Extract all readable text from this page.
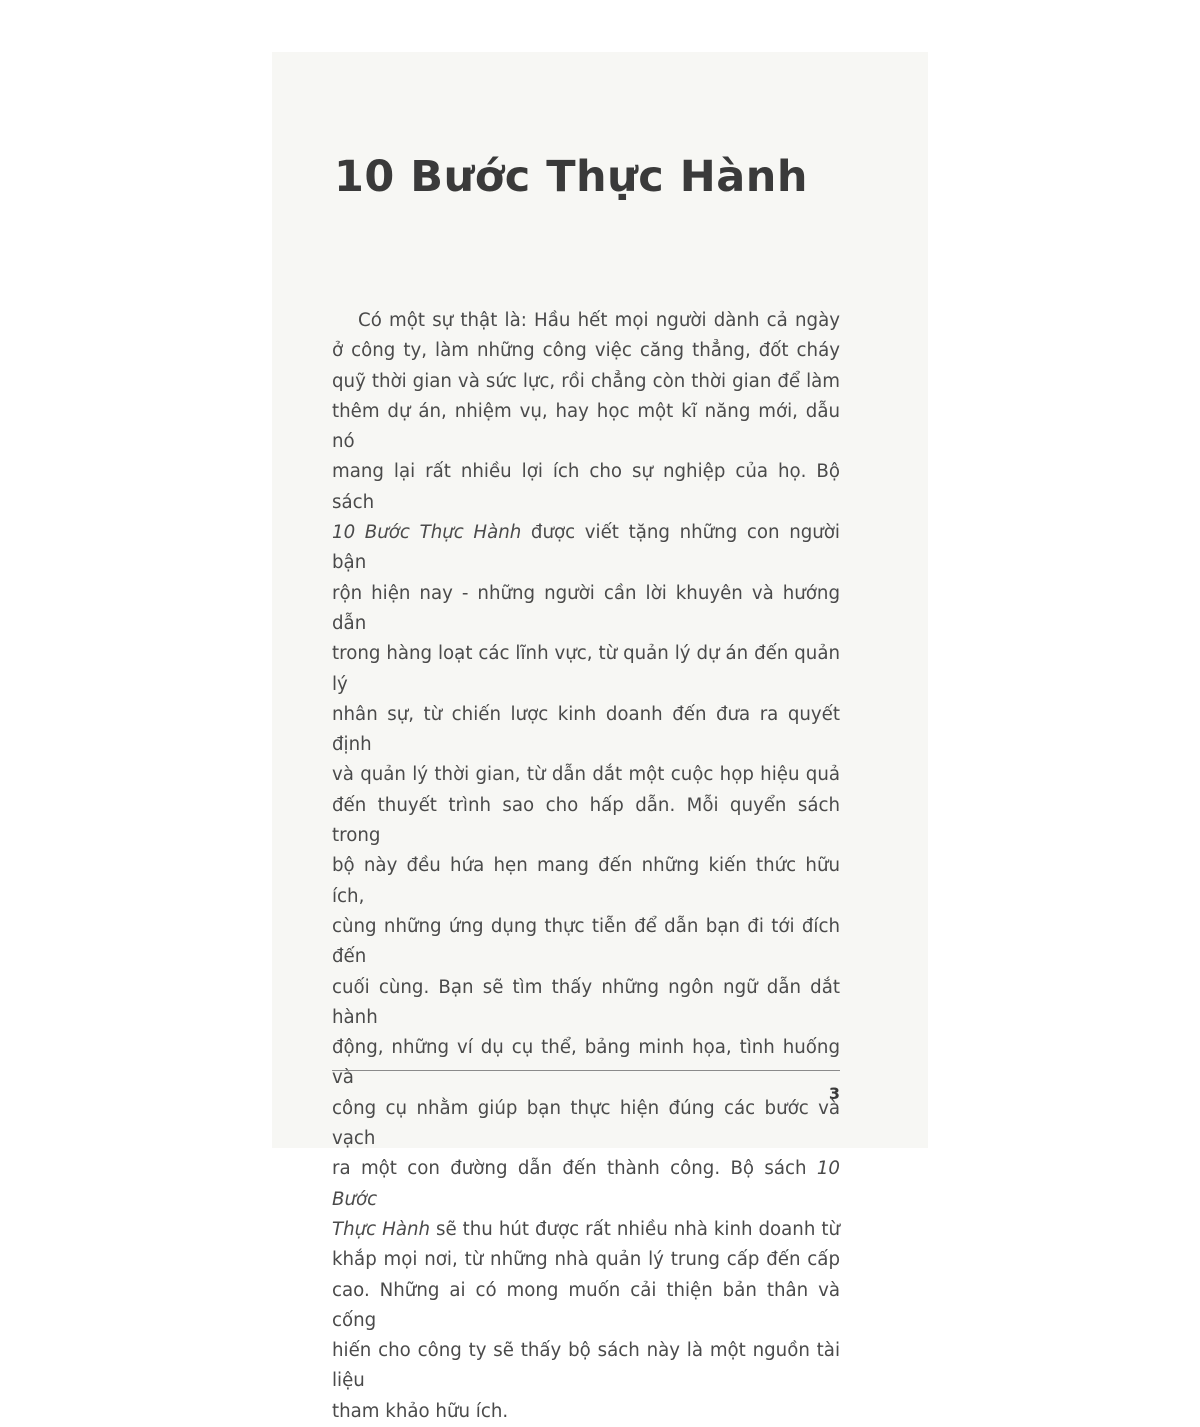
10 Bước Thực Hành
Có một sự thật là: Hầu hết mọi người dành cả ngày
ở công ty, làm những công việc căng thẳng, đốt cháy
quỹ thời gian và sức lực, rồi chẳng còn thời gian để làm
thêm dự án, nhiệm vụ, hay học một kĩ năng mới, dẫu nó
mang lại rất nhiều lợi ích cho sự nghiệp của họ. Bộ sách
10 Bước Thực Hành được viết tặng những con người bận
rộn hiện nay - những người cần lời khuyên và hướng dẫn
trong hàng loạt các lĩnh vực, từ quản lý dự án đến quản lý
nhân sự, từ chiến lược kinh doanh đến đưa ra quyết định
và quản lý thời gian, từ dẫn dắt một cuộc họp hiệu quả
đến thuyết trình sao cho hấp dẫn. Mỗi quyển sách trong
bộ này đều hứa hẹn mang đến những kiến thức hữu ích,
cùng những ứng dụng thực tiễn để dẫn bạn đi tới đích đến
cuối cùng. Bạn sẽ tìm thấy những ngôn ngữ dẫn dắt hành
động, những ví dụ cụ thể, bảng minh họa, tình huống và
công cụ nhằm giúp bạn thực hiện đúng các bước và vạch
ra một con đường dẫn đến thành công. Bộ sách 10 Bước
Thực Hành sẽ thu hút được rất nhiều nhà kinh doanh từ
khắp mọi nơi, từ những nhà quản lý trung cấp đến cấp
cao. Những ai có mong muốn cải thiện bản thân và cống
hiến cho công ty sẽ thấy bộ sách này là một nguồn tài liệu
tham khảo hữu ích.
3
